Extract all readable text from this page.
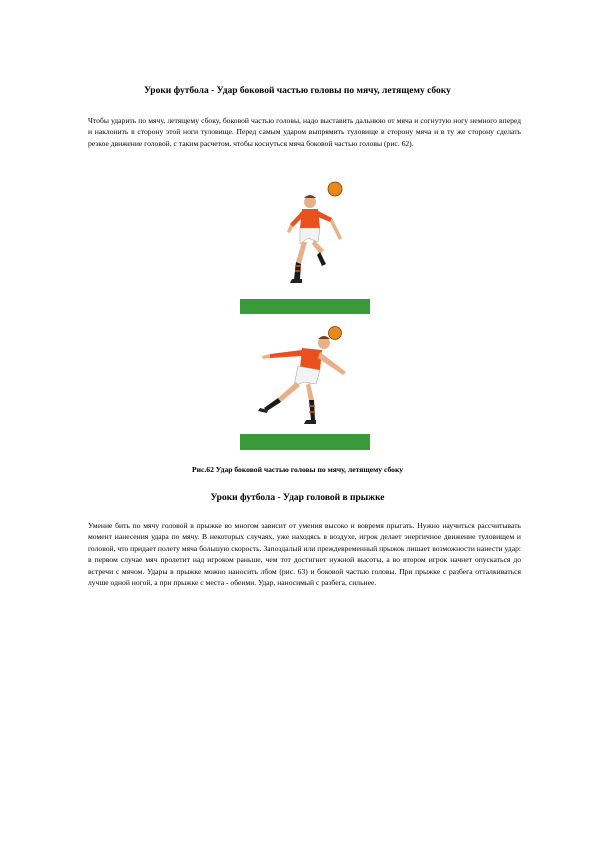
Уроки футбола - Удар боковой частью головы по мячу, летящему сбоку

Чтобы ударить по мячу, летящему сбоку, боковой частью головы, надо выставить дальнюю от мяча и согнутую ногу немного вперед и наклонить в сторону этой ноги туловище. Перед самым ударом выпрямить туловище в сторону мяча и в ту же сторону сделать резкое движение головой, с таким расчетом, чтобы коснуться мяча боковой частью головы (рис. 62).

Рис.62 Удар боковой частью головы по мячу, летящему сбоку

Уроки футбола - Удар головой в прыжке

Умение бить по мячу головой в прыжке во многом зависит от умения высоко и вовремя прыгать. Нужно научиться рассчитывать момент нанесения удара по мячу. В некоторых случаях, уже находясь в воздухе, игрок делает энергичное движение туловищем и головой, что придает полету мяча большую скорость. Запоздалый или преждевременный прыжок лишает возможности нанести удар: в первом случае мяч пролетит над игроком раньше, чем тот достигнет нужной высоты, а во втором игрок начнет опускаться до встречи с мячом. Удары в прыжке можно наносить лбом (рис. 63) и боковой частью головы. При прыжке с разбега отталкиваться лучше одной ногой, а при прыжке с места - обеими. Удар, наносимый с разбега, сильнее.
